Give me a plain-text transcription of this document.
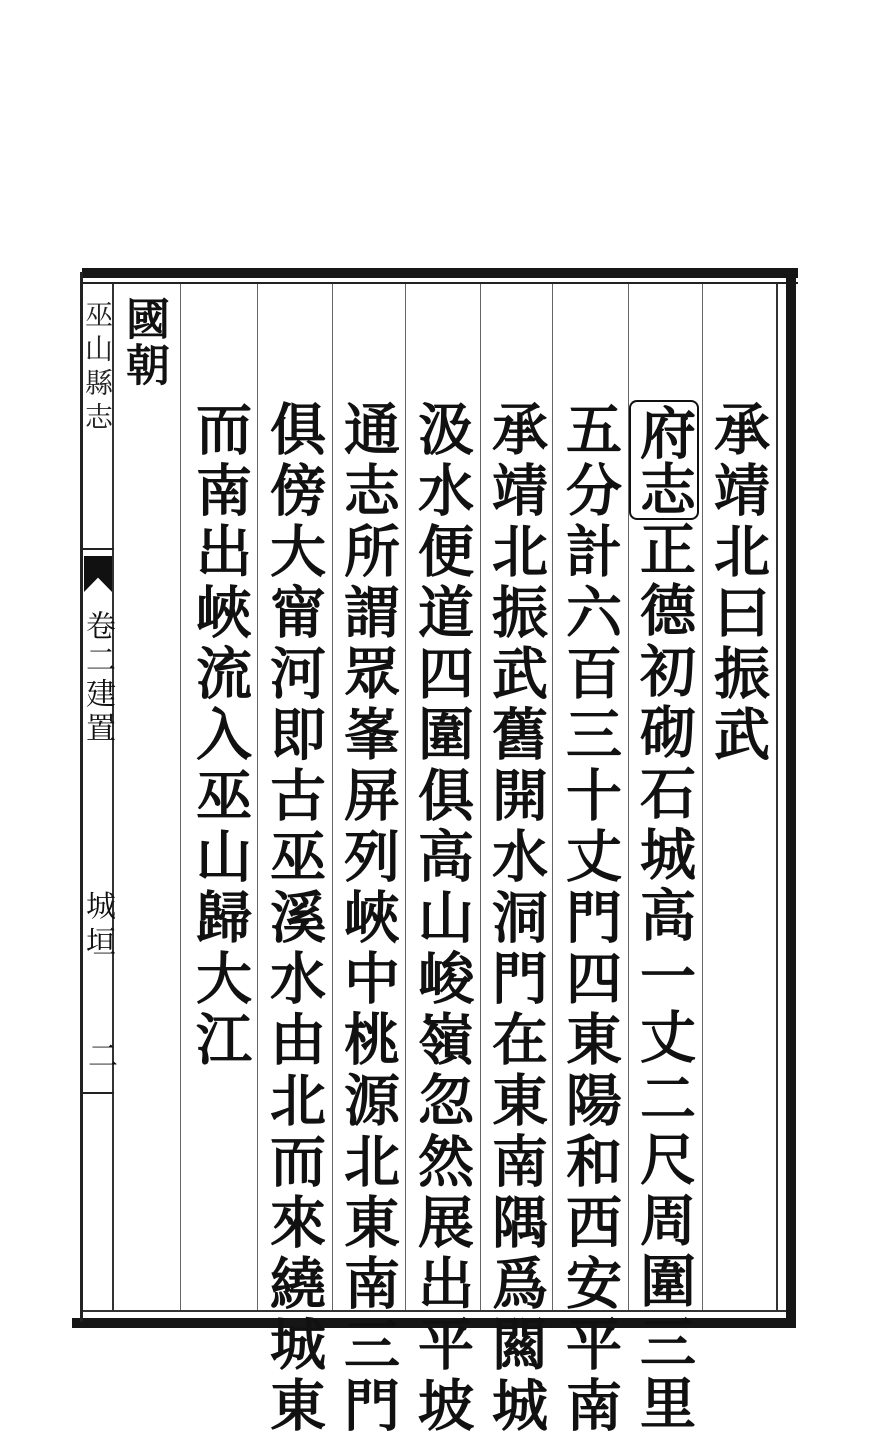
巫山縣志
卷二建置
城垣
二
國朝
承靖北曰振武
府志正德初砌石城高一丈二尺周圍三里
五分計六百三十丈門四東陽和西安平南
承靖北振武舊開水洞門在東南隅爲闗城
汲水便道四圍俱高山峻嶺忽然展出平坡
通志所謂眾峯屏列峽中桃源北東南三門
俱傍大甯河即古巫溪水由北而來繞城東
而南出峽流入巫山歸大江
